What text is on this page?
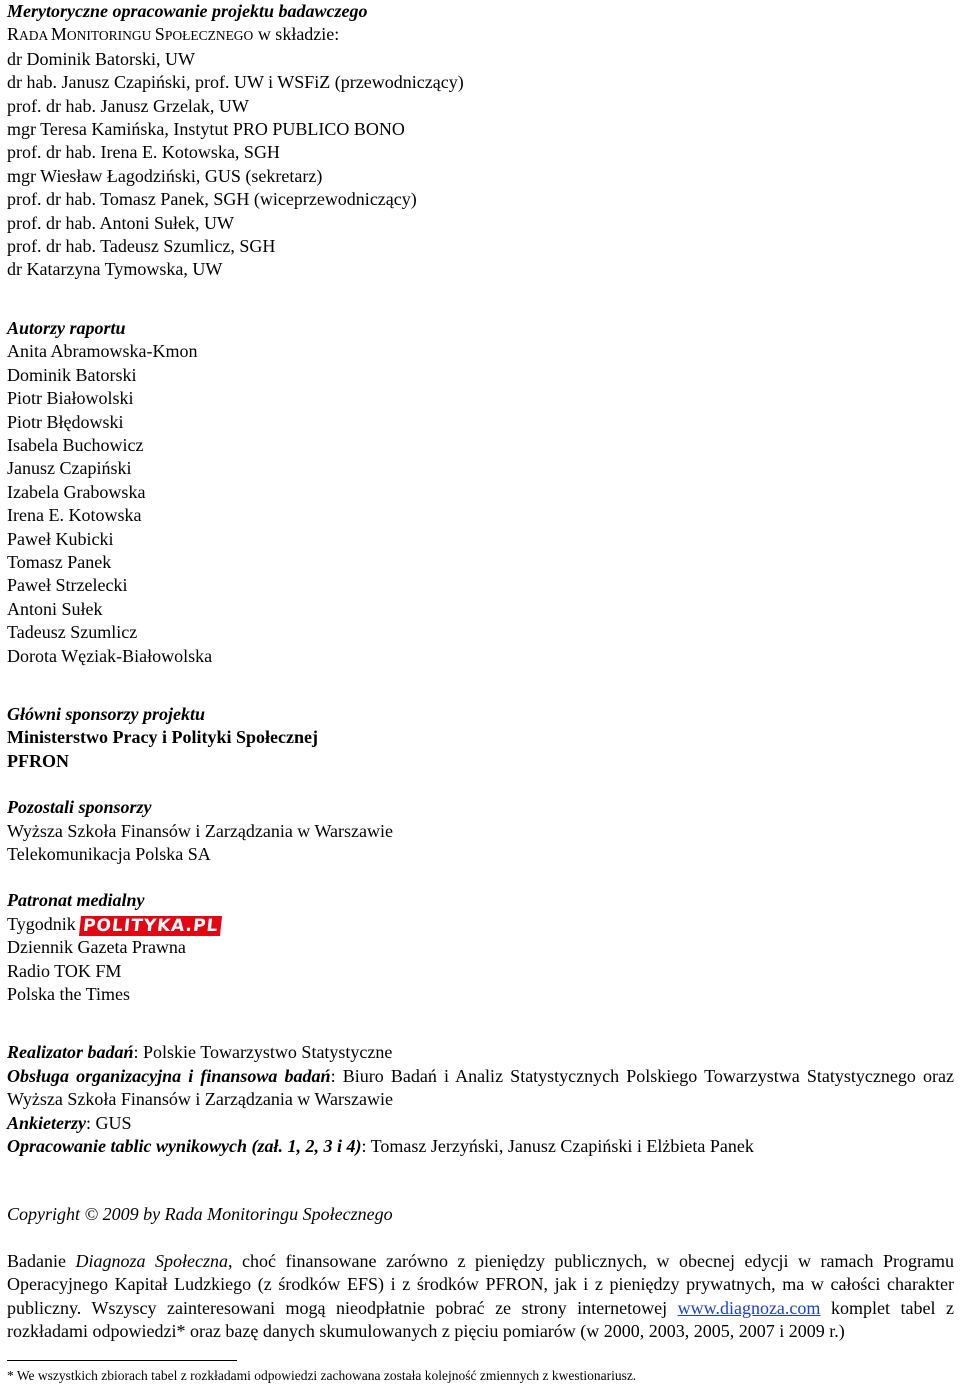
Merytoryczne opracowanie projektu badawczego
RADA MONITORINGU SPOŁECZNEGO w składzie:
dr Dominik Batorski, UW
dr hab. Janusz Czapiński, prof. UW i WSFiZ (przewodniczący)
prof. dr hab. Janusz Grzelak, UW
mgr Teresa Kamińska, Instytut PRO PUBLICO BONO
prof. dr hab. Irena E. Kotowska, SGH
mgr Wiesław Łagodziński, GUS (sekretarz)
prof. dr hab. Tomasz Panek, SGH (wiceprzewodniczący)
prof. dr hab. Antoni Sułek, UW
prof. dr hab. Tadeusz Szumlicz, SGH
dr Katarzyna Tymowska, UW
Autorzy raportu
Anita Abramowska-Kmon
Dominik Batorski
Piotr Białowolski
Piotr Błędowski
Isabela Buchowicz
Janusz Czapiński
Izabela Grabowska
Irena E. Kotowska
Paweł Kubicki
Tomasz Panek
Paweł Strzelecki
Antoni Sułek
Tadeusz Szumlicz
Dorota Węziak-Białowolska
Główni sponsorzy projektu
Ministerstwo Pracy i Polityki Społecznej
PFRON
Pozostali sponsorzy
Wyższa Szkoła Finansów i Zarządzania w Warszawie
Telekomunikacja Polska SA
Patronat medialny
Tygodnik POLITYKA.PL
Dziennik Gazeta Prawna
Radio TOK FM
Polska the Times
Realizator badań: Polskie Towarzystwo Statystyczne
Obsługa organizacyjna i finansowa badań: Biuro Badań i Analiz Statystycznych Polskiego Towarzystwa Statystycznego oraz Wyższa Szkoła Finansów i Zarządzania w Warszawie
Ankieterzy: GUS
Opracowanie tablic wynikowych (zał. 1, 2, 3 i 4): Tomasz Jerzyński, Janusz Czapiński i Elżbieta Panek
Copyright © 2009 by Rada Monitoringu Społecznego
Badanie Diagnoza Społeczna, choć finansowane zarówno z pieniędzy publicznych, w obecnej edycji w ramach Programu Operacyjnego Kapitał Ludzkiego (z środków EFS) i z środków PFRON, jak i z pieniędzy prywatnych, ma w całości charakter publiczny. Wszyscy zainteresowani mogą nieodpłatnie pobrać ze strony internetowej www.diagnoza.com komplet tabel z rozkładami odpowiedzi* oraz bazę danych skumulowanych z pięciu pomiarów (w 2000, 2003, 2005, 2007 i 2009 r.)
* We wszystkich zbiorach tabel z rozkładami odpowiedzi zachowana została kolejność zmiennych z kwestionariusz.
